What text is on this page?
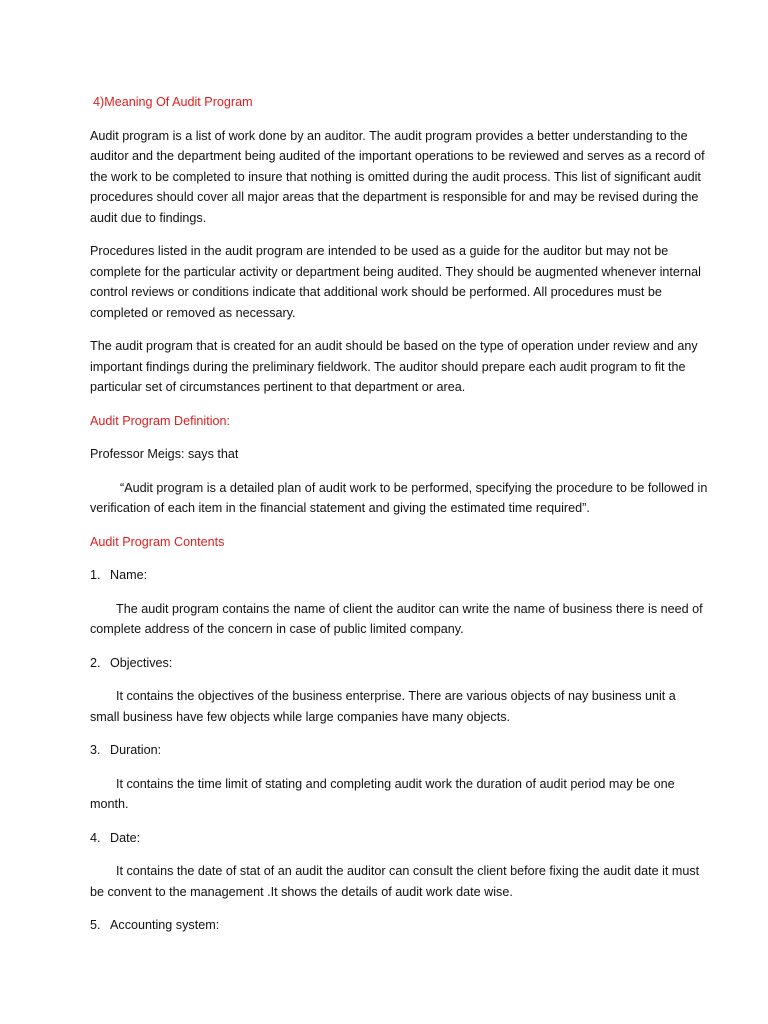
4)Meaning Of Audit Program

Audit program is a list of work done by an auditor. The audit program provides a better understanding to the auditor and the department being audited of the important operations to be reviewed and serves as a record of the work to be completed to insure that nothing is omitted during the audit process. This list of significant audit procedures should cover all major areas that the department is responsible for and may be revised during the audit due to findings.

Procedures listed in the audit program are intended to be used as a guide for the auditor but may not be complete for the particular activity or department being audited. They should be augmented whenever internal control reviews or conditions indicate that additional work should be performed. All procedures must be completed or removed as necessary.

The audit program that is created for an audit should be based on the type of operation under review and any important findings during the preliminary fieldwork. The auditor should prepare each audit program to fit the particular set of circumstances pertinent to that department or area.

Audit Program Definition:

Professor Meigs: says that

“Audit program is a detailed plan of audit work to be performed, specifying the procedure to be followed in verification of each item in the financial statement and giving the estimated time required”.

Audit Program Contents
1. Name:

The audit program contains the name of client the auditor can write the name of business there is need of complete address of the concern in case of public limited company.

2. Objectives:

It contains the objectives of the business enterprise. There are various objects of nay business unit a small business have few objects while large companies have many objects.

3. Duration:

It contains the time limit of stating and completing audit work the duration of audit period may be one month.

4. Date:

It contains the date of stat of an audit the auditor can consult the client before fixing the audit date it must be convent to the management .It shows the details of audit work date wise.

5. Accounting system:
